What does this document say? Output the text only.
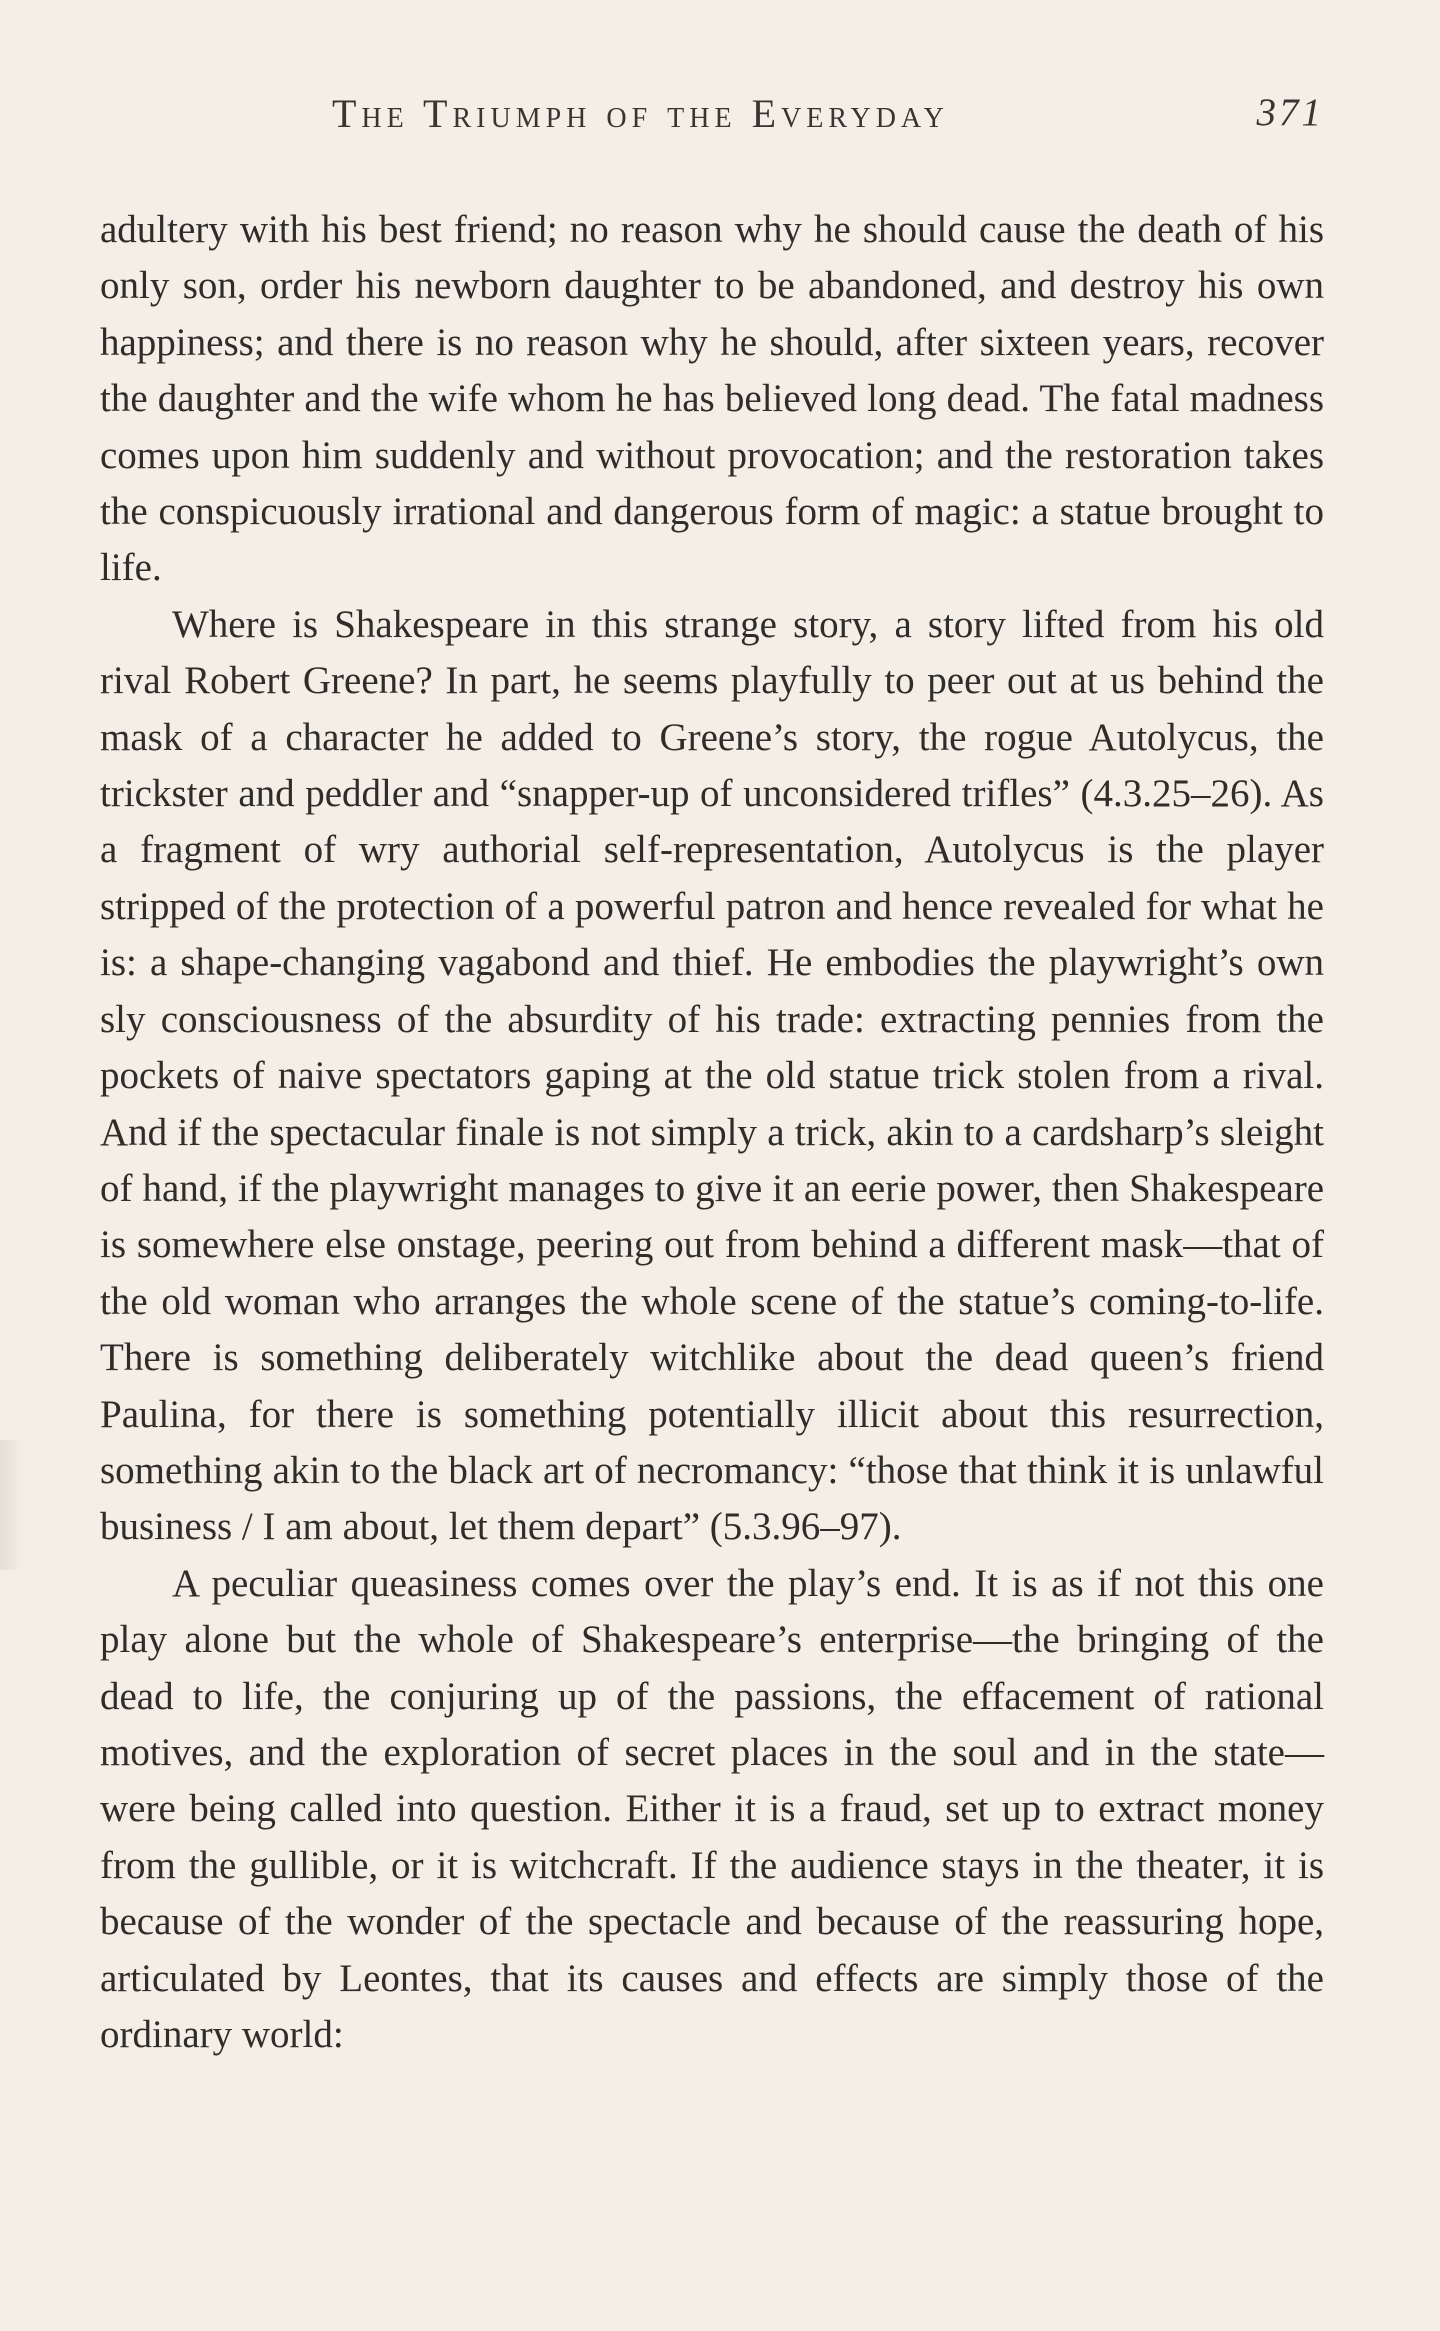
The Triumph of the Everyday	371

adultery with his best friend; no reason why he should cause the death of his only son, order his newborn daughter to be abandoned, and destroy his own happiness; and there is no reason why he should, after sixteen years, recover the daughter and the wife whom he has believed long dead. The fatal madness comes upon him suddenly and without provocation; and the restoration takes the conspicuously irrational and dangerous form of magic: a statue brought to life.

Where is Shakespeare in this strange story, a story lifted from his old rival Robert Greene? In part, he seems playfully to peer out at us behind the mask of a character he added to Greene’s story, the rogue Autolycus, the trickster and peddler and “snapper-up of unconsidered trifles” (4.3.25–26). As a fragment of wry authorial self-representation, Autolycus is the player stripped of the protection of a powerful patron and hence revealed for what he is: a shape-changing vagabond and thief. He embodies the playwright’s own sly consciousness of the absurdity of his trade: extracting pennies from the pockets of naive spectators gaping at the old statue trick stolen from a rival. And if the spectacular finale is not simply a trick, akin to a cardsharp’s sleight of hand, if the playwright manages to give it an eerie power, then Shakespeare is somewhere else onstage, peering out from behind a different mask—that of the old woman who arranges the whole scene of the statue’s coming-to-life. There is something deliberately witchlike about the dead queen’s friend Paulina, for there is something potentially illicit about this resurrection, something akin to the black art of necromancy: “those that think it is unlawful business / I am about, let them depart” (5.3.96–97).

A peculiar queasiness comes over the play’s end. It is as if not this one play alone but the whole of Shakespeare’s enterprise—the bringing of the dead to life, the conjuring up of the passions, the effacement of rational motives, and the exploration of secret places in the soul and in the state—were being called into question. Either it is a fraud, set up to extract money from the gullible, or it is witchcraft. If the audience stays in the theater, it is because of the wonder of the spectacle and because of the reassuring hope, articulated by Leontes, that its causes and effects are simply those of the ordinary world:
